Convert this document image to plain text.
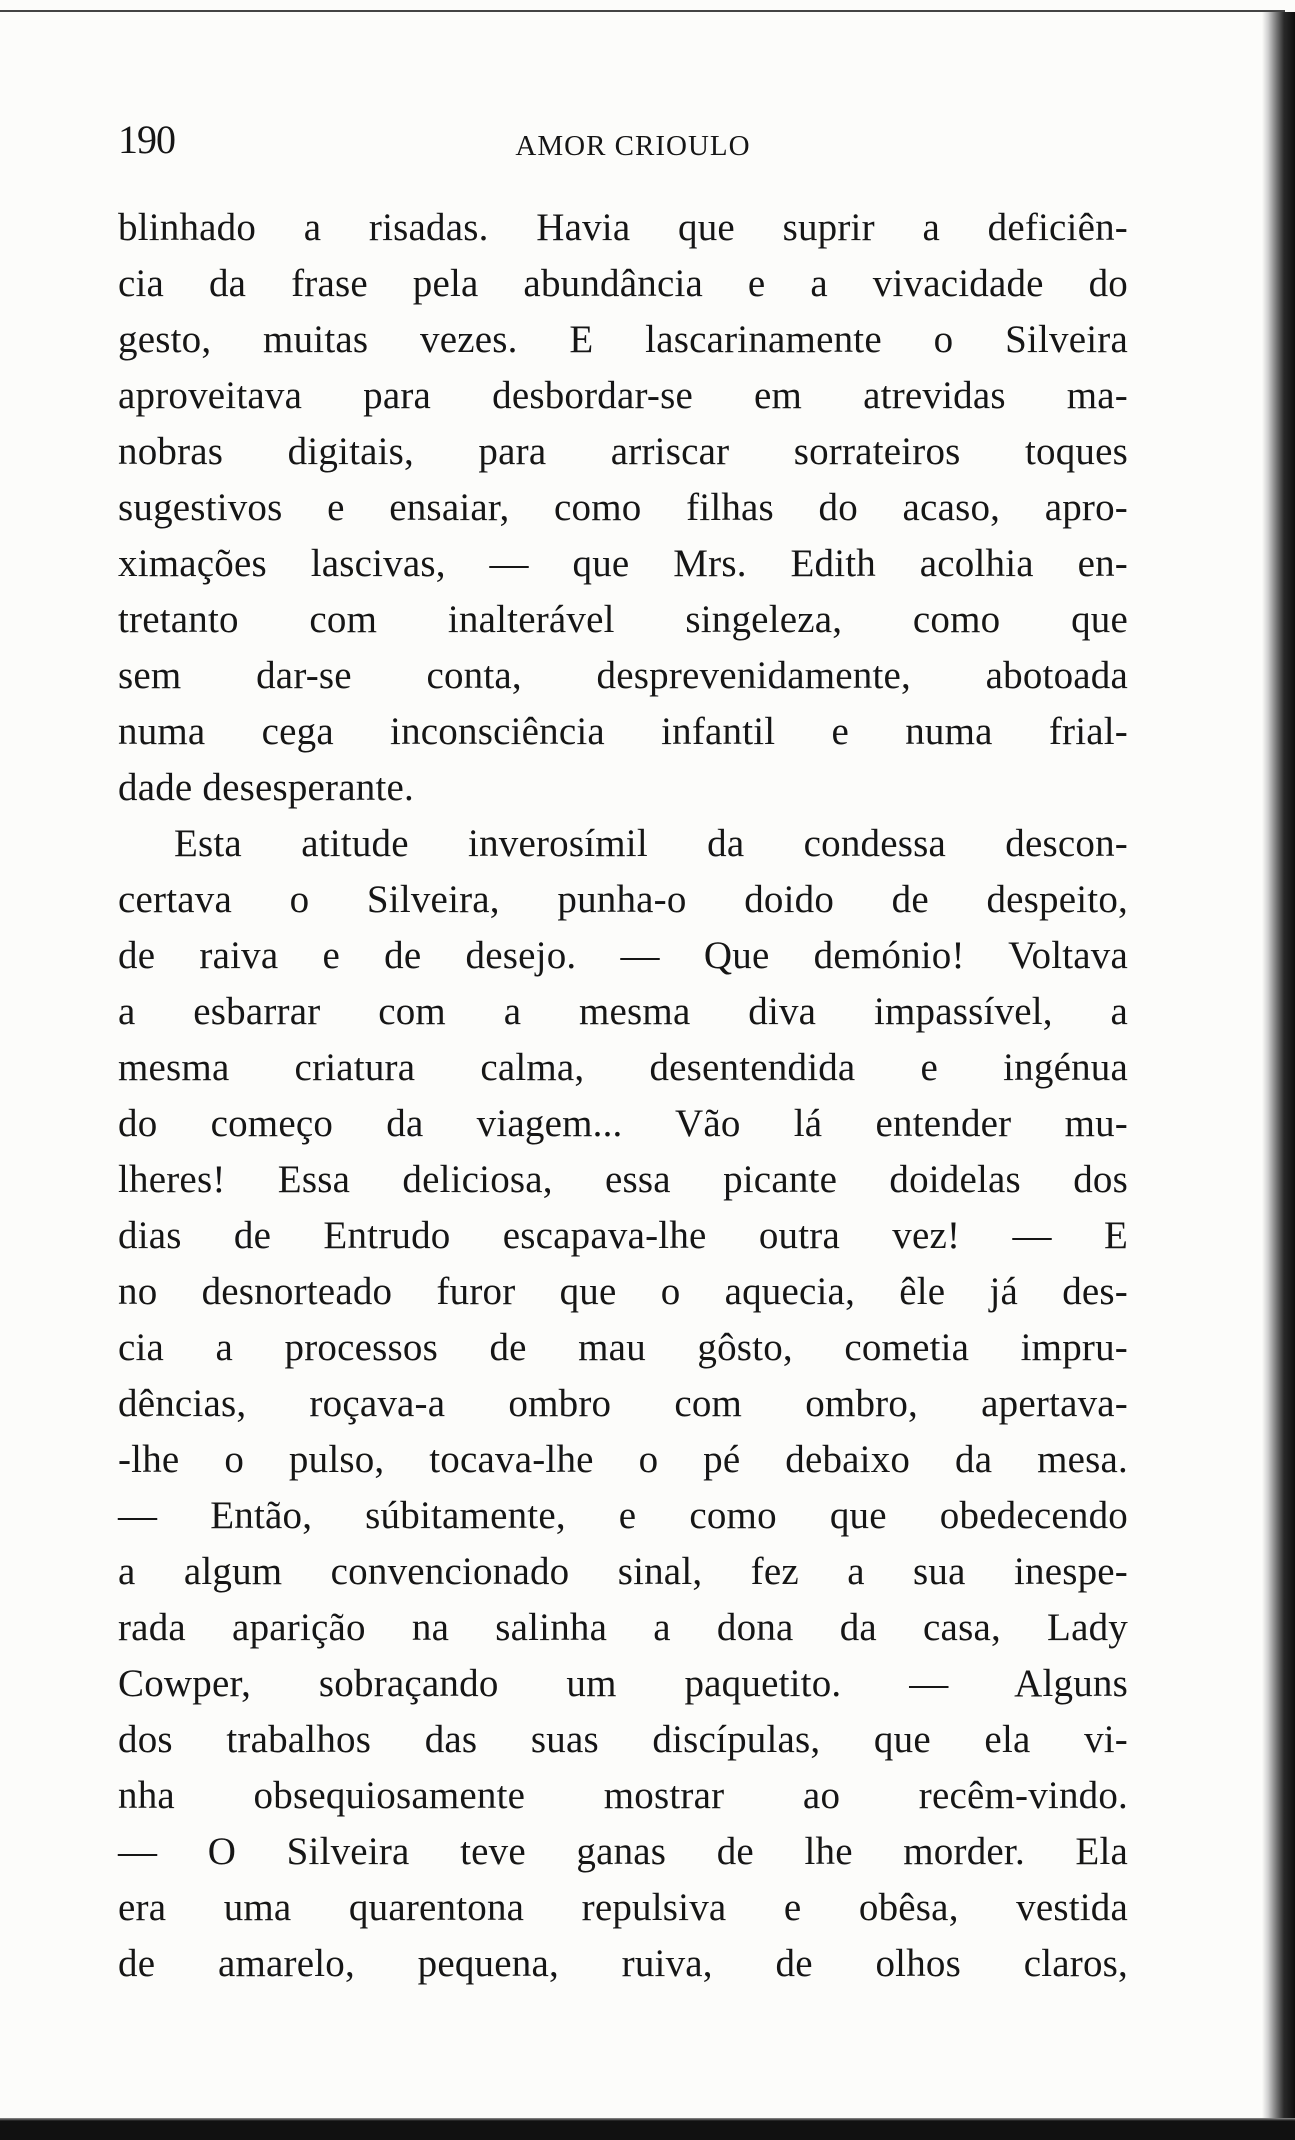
190	AMOR CRIOULO
blinhado a risadas. Havia que suprir a deficiên-
cia da frase pela abundância e a vivacidade do
gesto, muitas vezes. E lascarinamente o Silveira
aproveitava para desbordar-se em atrevidas ma-
nobras digitais, para arriscar sorrateiros toques
sugestivos e ensaiar, como filhas do acaso, apro-
ximações lascivas, — que Mrs. Edith acolhia en-
tretanto com inalterável singeleza, como que
sem dar-se conta, desprevenidamente, abotoada
numa cega inconsciência infantil e numa frial-
dade desesperante.
Esta atitude inverosímil da condessa descon-
certava o Silveira, punha-o doido de despeito,
de raiva e de desejo. — Que demónio! Voltava
a esbarrar com a mesma diva impassível, a
mesma criatura calma, desentendida e ingénua
do começo da viagem... Vão lá entender mu-
lheres! Essa deliciosa, essa picante doidelas dos
dias de Entrudo escapava-lhe outra vez! — E
no desnorteado furor que o aquecia, êle já des-
cia a processos de mau gôsto, cometia impru-
dências, roçava-a ombro com ombro, apertava-
-lhe o pulso, tocava-lhe o pé debaixo da mesa.
— Então, súbitamente, e como que obedecendo
a algum convencionado sinal, fez a sua inespe-
rada aparição na salinha a dona da casa, Lady
Cowper, sobraçando um paquetito. — Alguns
dos trabalhos das suas discípulas, que ela vi-
nha obsequiosamente mostrar ao recêm-vindo.
— O Silveira teve ganas de lhe morder. Ela
era uma quarentona repulsiva e obêsa, vestida
de amarelo, pequena, ruiva, de olhos claros,
